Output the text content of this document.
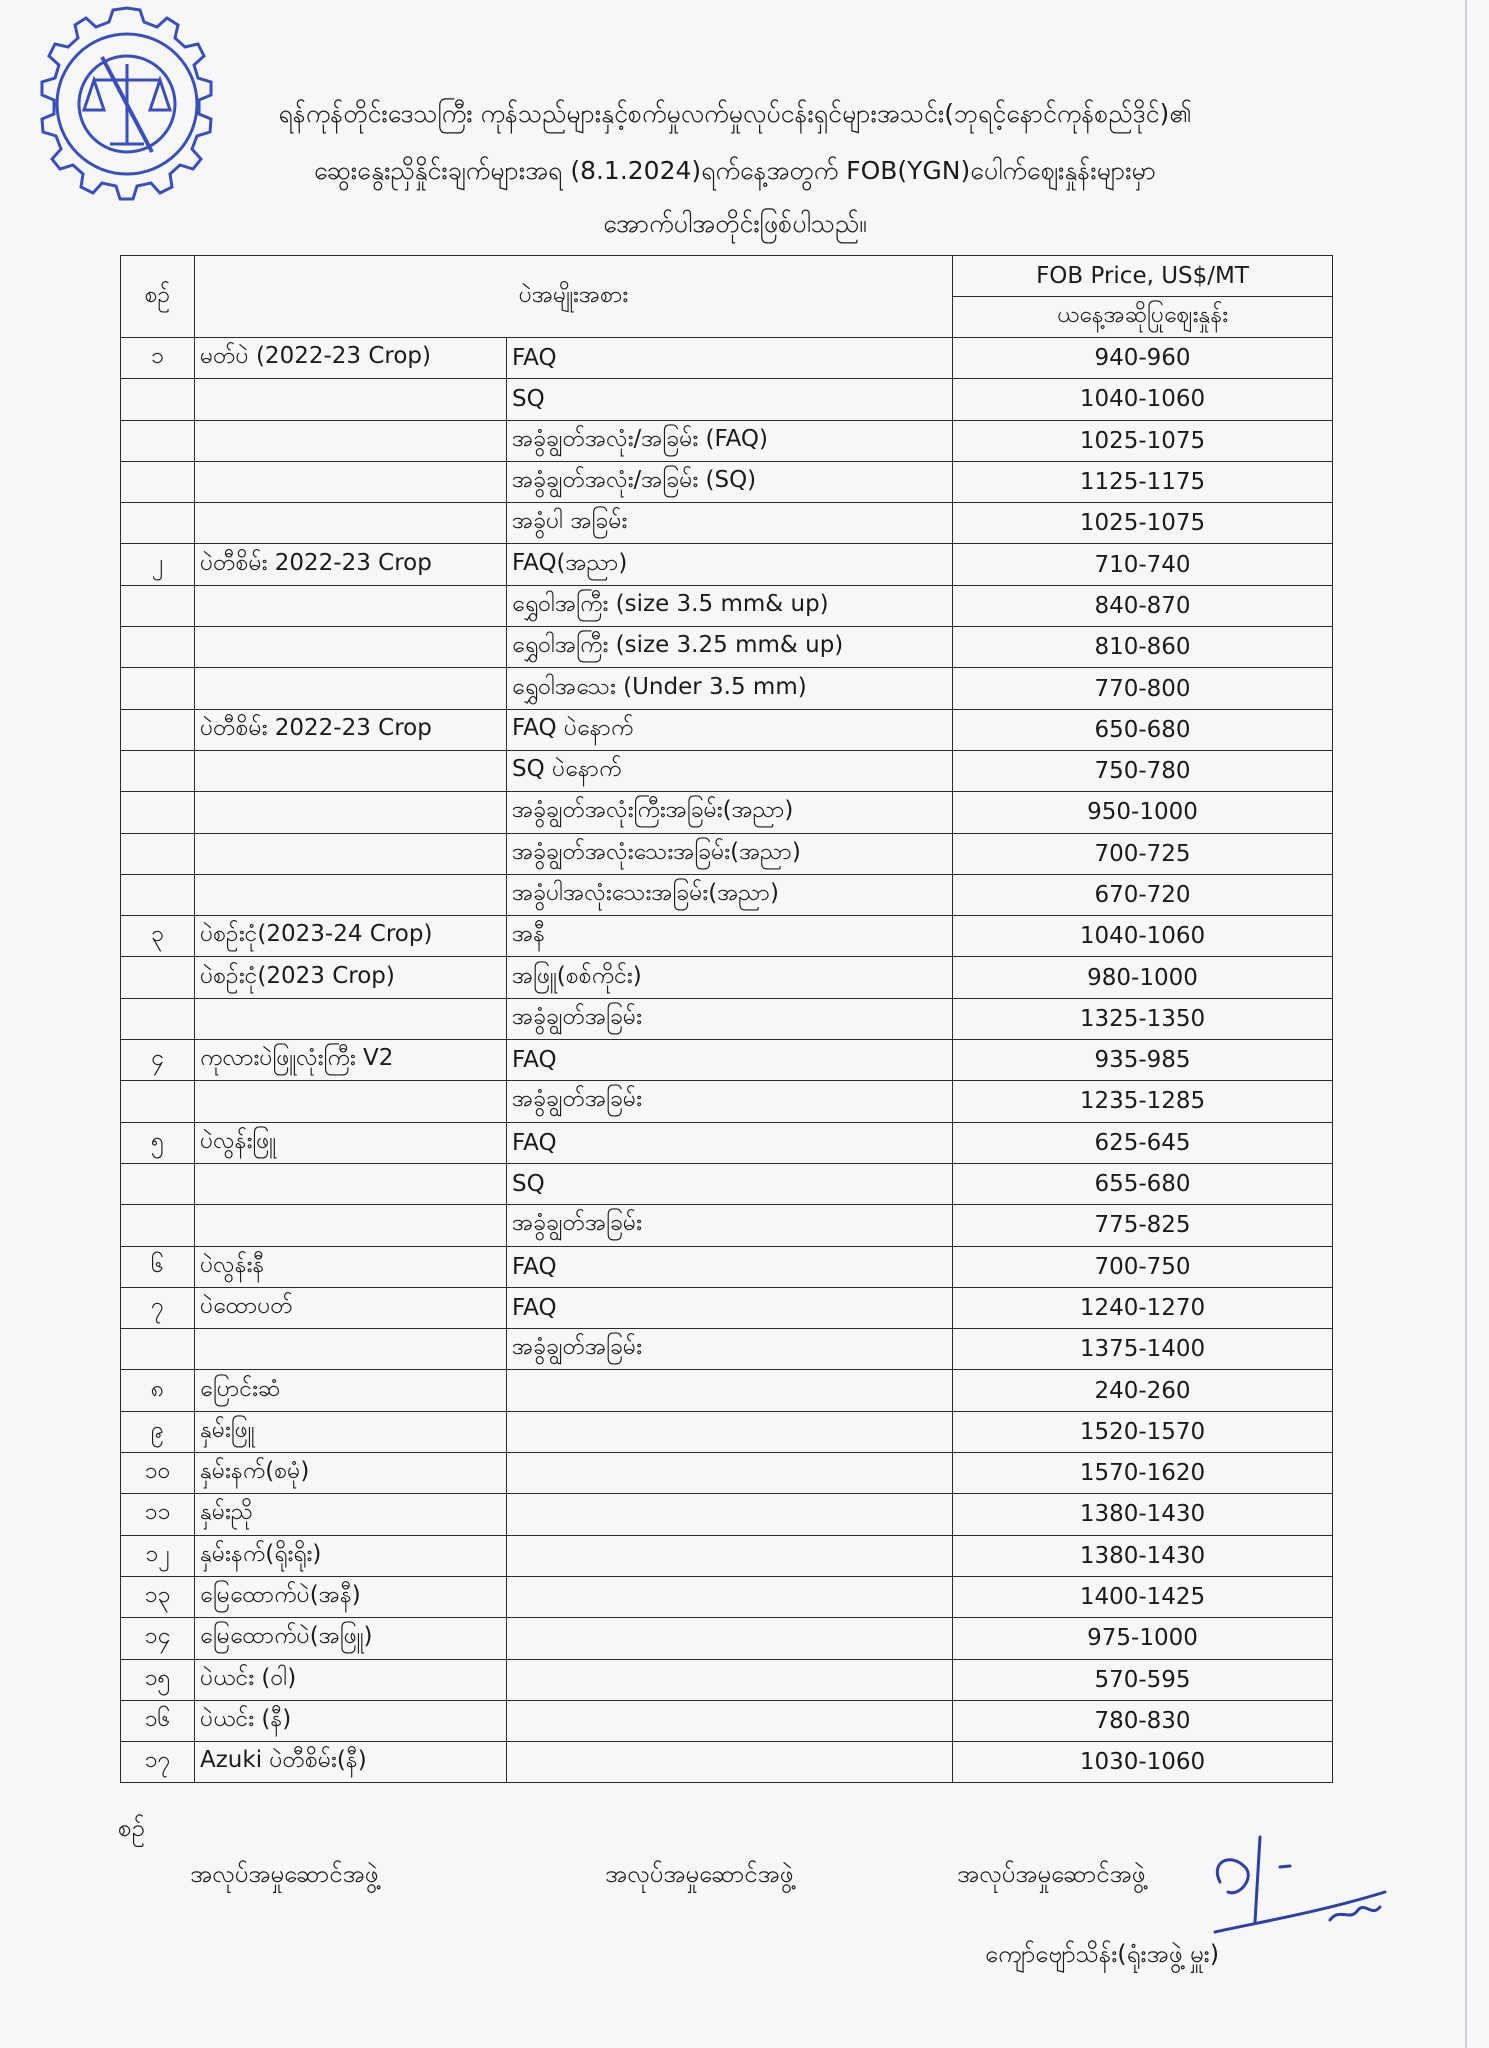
ရန်ကုန်တိုင်းဒေသကြီး ကုန်သည်များနှင့်စက်မှုလက်မှုလုပ်ငန်းရှင်များအသင်း(ဘုရင့်နောင်ကုန်စည်ဒိုင်)၏
ဆွေးနွေးညှိနှိုင်းချက်များအရ (8.1.2024)ရက်နေ့အတွက် FOB(YGN)ပေါက်ဈေးနှုန်းများမှာ
အောက်ပါအတိုင်းဖြစ်ပါသည်။
စဉ်	ပဲအမျိုးအစား		FOB Price, US$/MT
			ယနေ့အဆိုပြုဈေးနှုန်း
၁	မတ်ပဲ (2022-23 Crop)	FAQ	940-960
		SQ	1040-1060
		အခွံချွတ်အလုံး/အခြမ်း (FAQ)	1025-1075
		အခွံချွတ်အလုံး/အခြမ်း (SQ)	1125-1175
		အခွံပါ အခြမ်း	1025-1075
၂	ပဲတီစိမ်း 2022-23 Crop	FAQ(အညာ)	710-740
		ရွှေဝါအကြီး (size 3.5 mm& up)	840-870
		ရွှေဝါအကြီး (size 3.25 mm& up)	810-860
		ရွှေဝါအသေး (Under 3.5 mm)	770-800
	ပဲတီစိမ်း 2022-23 Crop	FAQ ပဲနောက်	650-680
		SQ ပဲနောက်	750-780
		အခွံချွတ်အလုံးကြီးအခြမ်း(အညာ)	950-1000
		အခွံချွတ်အလုံးသေးအခြမ်း(အညာ)	700-725
		အခွံပါအလုံးသေးအခြမ်း(အညာ)	670-720
၃	ပဲစဉ်းငုံ(2023-24 Crop)	အနီ	1040-1060
	ပဲစဉ်းငုံ(2023 Crop)	အဖြူ(စစ်ကိုင်း)	980-1000
		အခွံချွတ်အခြမ်း	1325-1350
၄	ကုလားပဲဖြူလုံးကြီး V2	FAQ	935-985
		အခွံချွတ်အခြမ်း	1235-1285
၅	ပဲလွန်းဖြူ	FAQ	625-645
		SQ	655-680
		အခွံချွတ်အခြမ်း	775-825
၆	ပဲလွန်းနီ	FAQ	700-750
၇	ပဲထောပတ်	FAQ	1240-1270
		အခွံချွတ်အခြမ်း	1375-1400
၈	ပြောင်းဆံ		240-260
၉	နှမ်းဖြူ		1520-1570
၁၀	နှမ်းနက်(စမုံ)		1570-1620
၁၁	နှမ်းညို		1380-1430
၁၂	နှမ်းနက်(ရိုးရိုး)		1380-1430
၁၃	မြေထောက်ပဲ(အနီ)		1400-1425
၁၄	မြေထောက်ပဲ(အဖြူ)		975-1000
၁၅	ပဲယင်း (ဝါ)		570-595
၁၆	ပဲယင်း (နီ)		780-830
၁၇	Azuki ပဲတီစိမ်း(နီ)		1030-1060
စဉ်
အလုပ်အမှုဆောင်အဖွဲ့	အလုပ်အမှုဆောင်အဖွဲ့	အလုပ်အမှုဆောင်အဖွဲ့
ကျော်ဗျော်သိန်း(ရုံးအဖွဲ့ မှူး)
